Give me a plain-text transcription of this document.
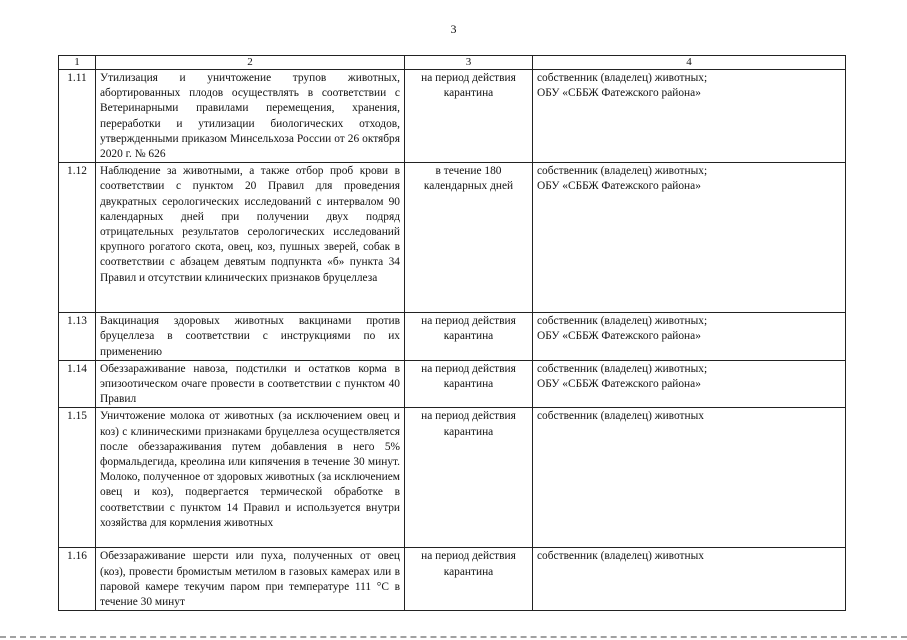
3
1	2	3	4
1.11	Утилизация и уничтожение трупов животных, абортированных плодов осуществлять в соответствии с Ветеринарными правилами перемещения, хранения, переработки и утилизации биологических отходов, утвержденными приказом Минсельхоза России от 26 октября 2020 г. № 626	на период действия карантина	собственник (владелец) животных;
ОБУ «СББЖ Фатежского района»

1.12	Наблюдение за животными, а также отбор проб крови в соответствии с пунктом 20 Правил для проведения двукратных серологических исследований с интервалом 90 календарных дней при получении двух подряд отрицательных результатов серологических исследований крупного рогатого скота, овец, коз, пушных зверей, собак в соответствии с абзацем девятым подпункта «б» пункта 34 Правил и отсутствии клинических признаков бруцеллеза	в течение 180 календарных дней	собственник (владелец) животных;
ОБУ «СББЖ Фатежского района»

1.13	Вакцинация здоровых животных вакцинами против бруцеллеза в соответствии с инструкциями по их применению	на период действия карантина	собственник (владелец) животных;
ОБУ «СББЖ Фатежского района»

1.14	Обеззараживание навоза, подстилки и остатков корма в эпизоотическом очаге провести в соответствии с пунктом 40 Правил	на период действия карантина	собственник (владелец) животных;
ОБУ «СББЖ Фатежского района»

1.15	Уничтожение молока от животных (за исключением овец и коз) с клиническими признаками бруцеллеза осуществляется после обеззараживания путем добавления в него 5% формальдегида, креолина или кипячения в течение 30 минут. Молоко, полученное от здоровых животных (за исключением овец и коз), подвергается термической обработке в соответствии с пунктом 14 Правил и используется внутри хозяйства для кормления животных	на период действия карантина	собственник (владелец) животных

1.16	Обеззараживание шерсти или пуха, полученных от овец (коз), провести бромистым метилом в газовых камерах или в паровой камере текучим паром при температуре 111 °С в течение 30 минут	на период действия карантина	собственник (владелец) животных
